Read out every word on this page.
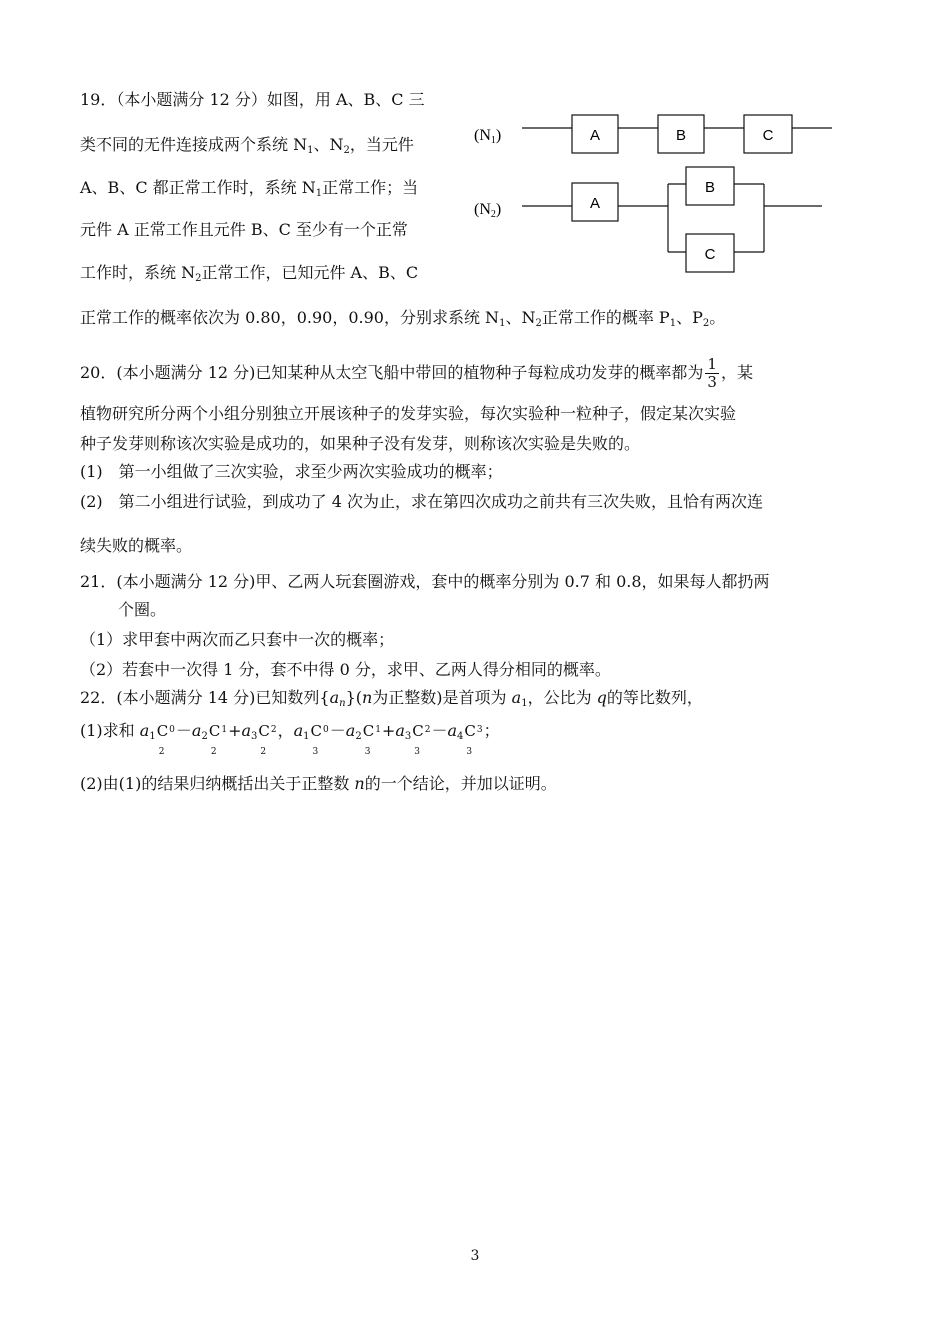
19．（本小题满分 12 分）如图，用 A、B、C 三
类不同的无件连接成两个系统 $N_1$、$N_2$，当元件
A、B、C 都正常工作时，系统 $N_1$正常工作；当
元件 A 正常工作且元件 B、C 至少有一个正常
工作时，系统 $N_2$正常工作，已知元件 A、B、C
正常工作的概率依次为 0.80，0.90，0.90，分别求系统 $N_1$、$N_2$正常工作的概率 $P_1$、$P_2$。
(N1)	A	B	C
(N2)	A
B
C
20．(本小题满分 12 分)已知某种从太空飞船中带回的植物种子每粒成功发芽的概率都为 $\frac{1}{3}$ ，某
植物研究所分两个小组分别独立开展该种子的发芽实验，每次实验种一粒种子，假定某次实验
种子发芽则称该次实验是成功的，如果种子没有发芽，则称该次实验是失败的。
(1)　第一小组做了三次实验，求至少两次实验成功的概率；
(2)　第二小组进行试验，到成功了 4 次为止，求在第四次成功之前共有三次失败，且恰有两次连
续失败的概率。
21．(本小题满分 12 分)甲、乙两人玩套圈游戏，套中的概率分别为 0.7 和 0.8，如果每人都扔两
个圈。
（1）求甲套中两次而乙只套中一次的概率；
（2）若套中一次得 1 分，套不中得 0 分，求甲、乙两人得分相同的概率。
22．(本小题满分 14 分)已知数列$\{a_n\}(n$为正整数)是首项为 $a_1$，公比为 q的等比数列，
(1)求和 $a_1C^0$
2
$-a_2C^1$
2
$+a_3C^2$
2
，$a_1C^0$
3
$-a_2C^1$
3
$+a_3C^2$
3
$-a_4C^3$
3
；
(2)由(1)的结果归纳概括出关于正整数 n的一个结论，并加以证明。
3
